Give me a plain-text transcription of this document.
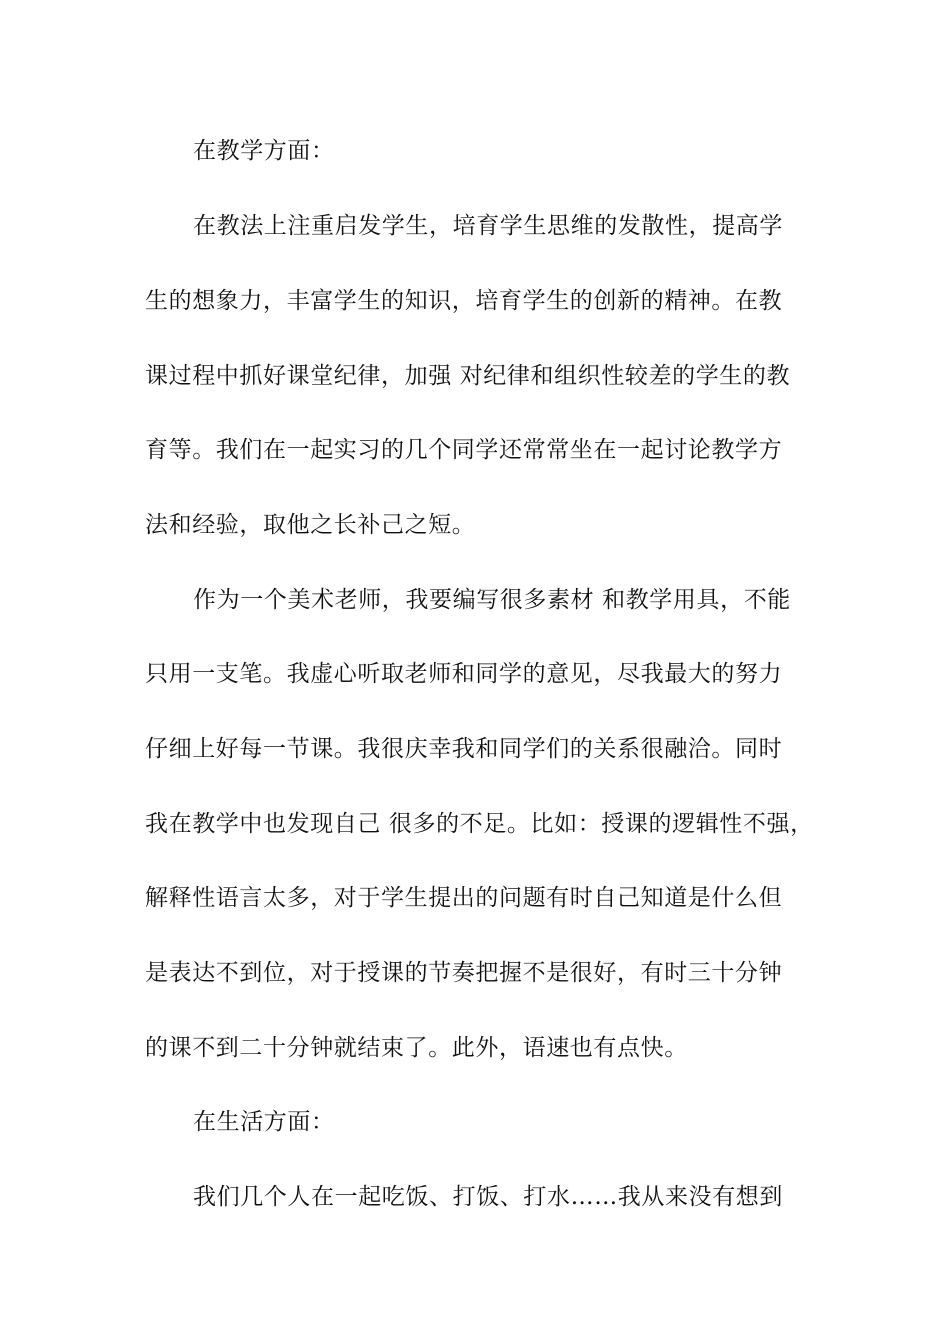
在教学方面：
在教法上注重启发学生，培育学生思维的发散性，提高学
生的想象力，丰富学生的知识，培育学生的创新的精神。在教
课过程中抓好课堂纪律，加强 对纪律和组织性较差的学生的教
育等。我们在一起实习的几个同学还常常坐在一起讨论教学方
法和经验，取他之长补己之短。
作为一个美术老师，我要编写很多素材 和教学用具，不能
只用一支笔。我虚心听取老师和同学的意见，尽我最大的努力
仔细上好每一节课。我很庆幸我和同学们的关系很融洽。同时
我在教学中也发现自己 很多的不足。比如：授课的逻辑性不强，
解释性语言太多，对于学生提出的问题有时自己知道是什么但
是表达不到位，对于授课的节奏把握不是很好，有时三十分钟
的课不到二十分钟就结束了。此外，语速也有点快。
在生活方面：
我们几个人在一起吃饭、打饭、打水……我从来没有想到
